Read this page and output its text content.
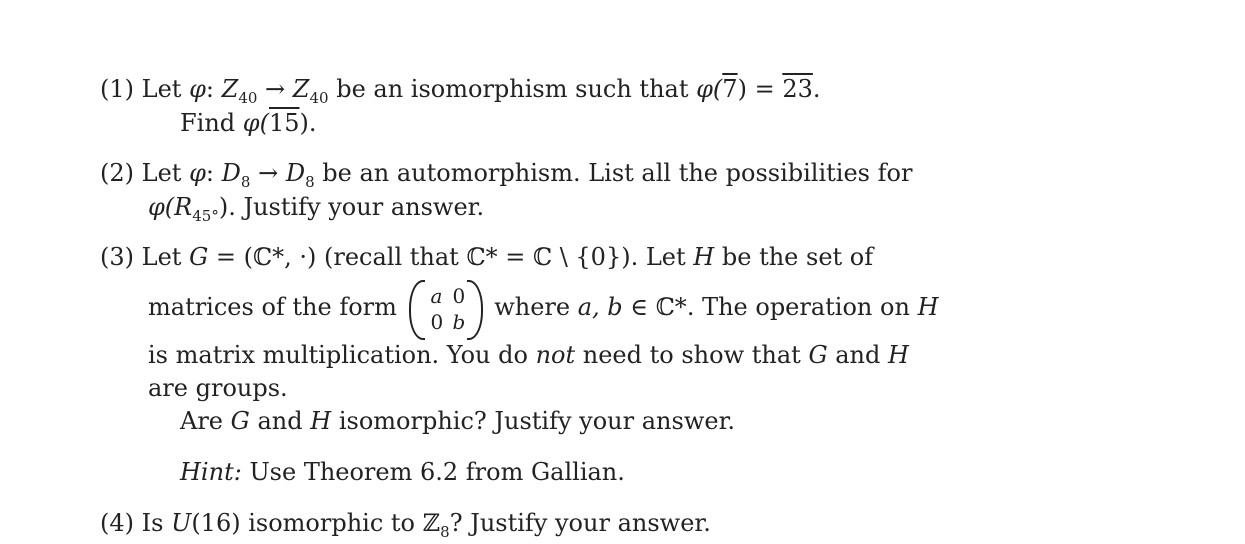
(1) Let φ: $Z_{40} \to Z_{40}$ be an isomorphism such that φ(7) = 23.
Find φ(15).
(2) Let φ: $D_8 \to D_8$ be an automorphism. List all the possibilities for
$\varphi(R_{45^\circ})$. Justify your answer.
(3) Let G = (ℂ*, ·) (recall that ℂ* = ℂ \ {0}). Let H be the set of
matrices of the form a 0
0 b
where a, b ∈ ℂ*. The operation on H
is matrix multiplication. You do not need to show that G and H
are groups.
Are G and H isomorphic? Justify your answer.
Hint: Use Theorem 6.2 from Gallian.
(4) Is U(16) isomorphic to ℤ$_8$? Justify your answer.
